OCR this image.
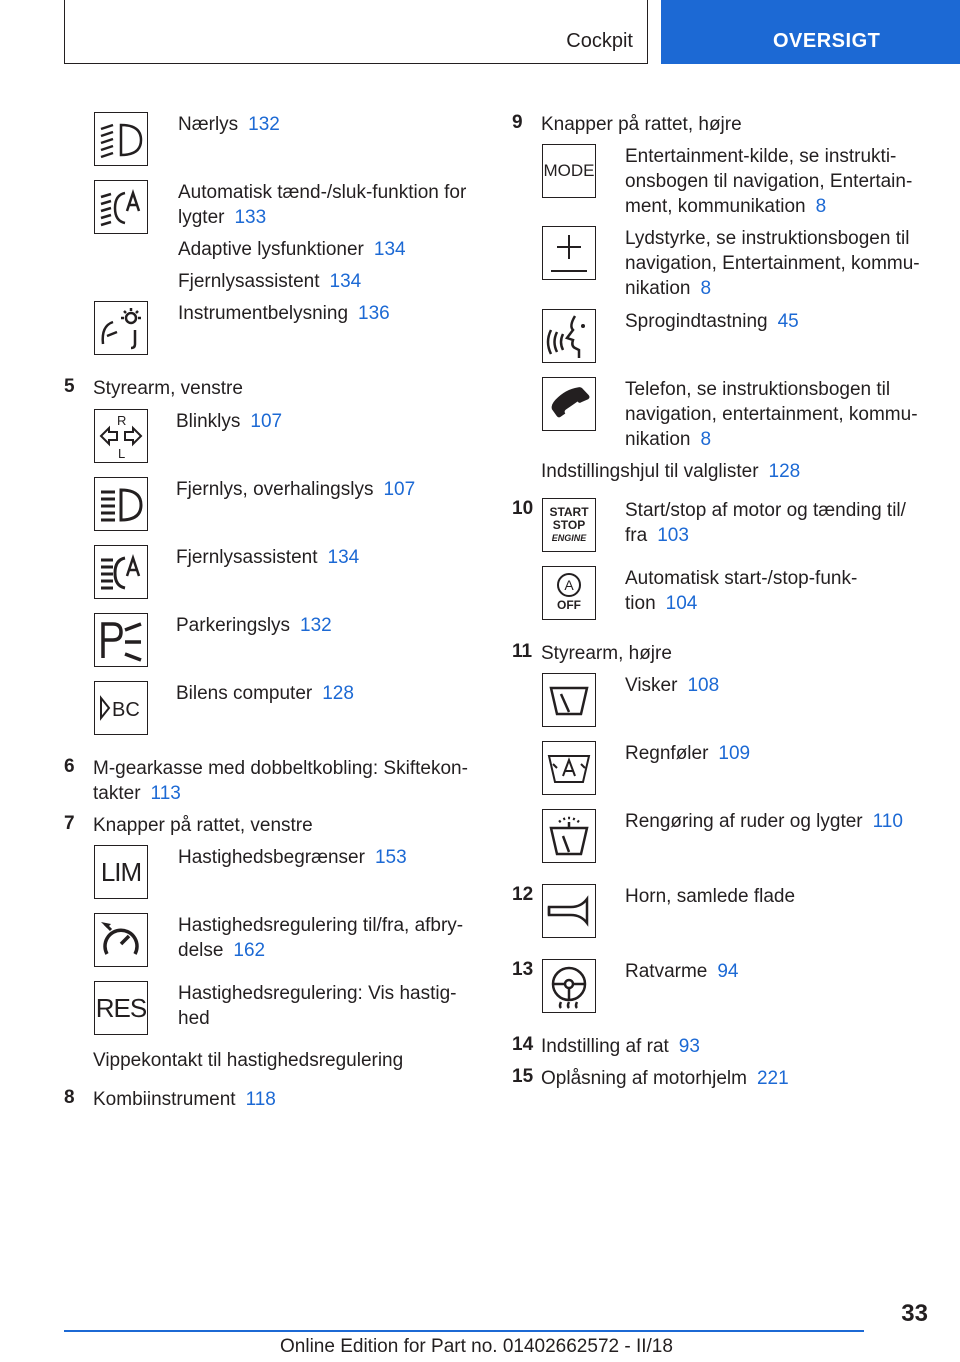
Cockpit	OVERSIGT
Nærlys 132
Automatisk tænd-/sluk-funktion for
lygter 133
Adaptive lysfunktioner 134
Fjernlysassistent 134
Instrumentbelysning 136
5 Styrearm, venstre
R
L
Blinklys 107
Fjernlys, overhalingslys 107
Fjernlysassistent 134
Parkeringslys 132
BC
Bilens computer 128
6 M-gearkasse med dobbeltkobling: Skiftekon-
takter 113
7 Knapper på rattet, venstre
LIM Hastighedsbegrænser 153
Hastighedsregulering til/fra, afbry-
delse 162
RES Hastighedsregulering: Vis hastig-
hed
Vippekontakt til hastighedsregulering
8 Kombiinstrument 118
9 Knapper på rattet, højre
MODE
Entertainment-kilde, se instrukti-
onsbogen til navigation, Entertain-
ment, kommunikation 8
Lydstyrke, se instruktionsbogen til
navigation, Entertainment, kommu-
nikation 8
Sprogindtastning 45
Telefon, se instruktionsbogen til
navigation, entertainment, kommu-
nikation 8
Indstillingshjul til valglister 128
10 START
STOP
ENGINE
Start/stop af motor og tænding til/
fra 103
A
OFF
Automatisk start-/stop-funk-
tion 104
11 Styrearm, højre
Visker 108
Regnføler 109
Rengøring af ruder og lygter 110
12	Horn, samlede flade
13	Ratvarme 94
14 Indstilling af rat 93
15 Oplåsning af motorhjelm 221
33
Online Edition for Part no. 01402662572 - II/18
